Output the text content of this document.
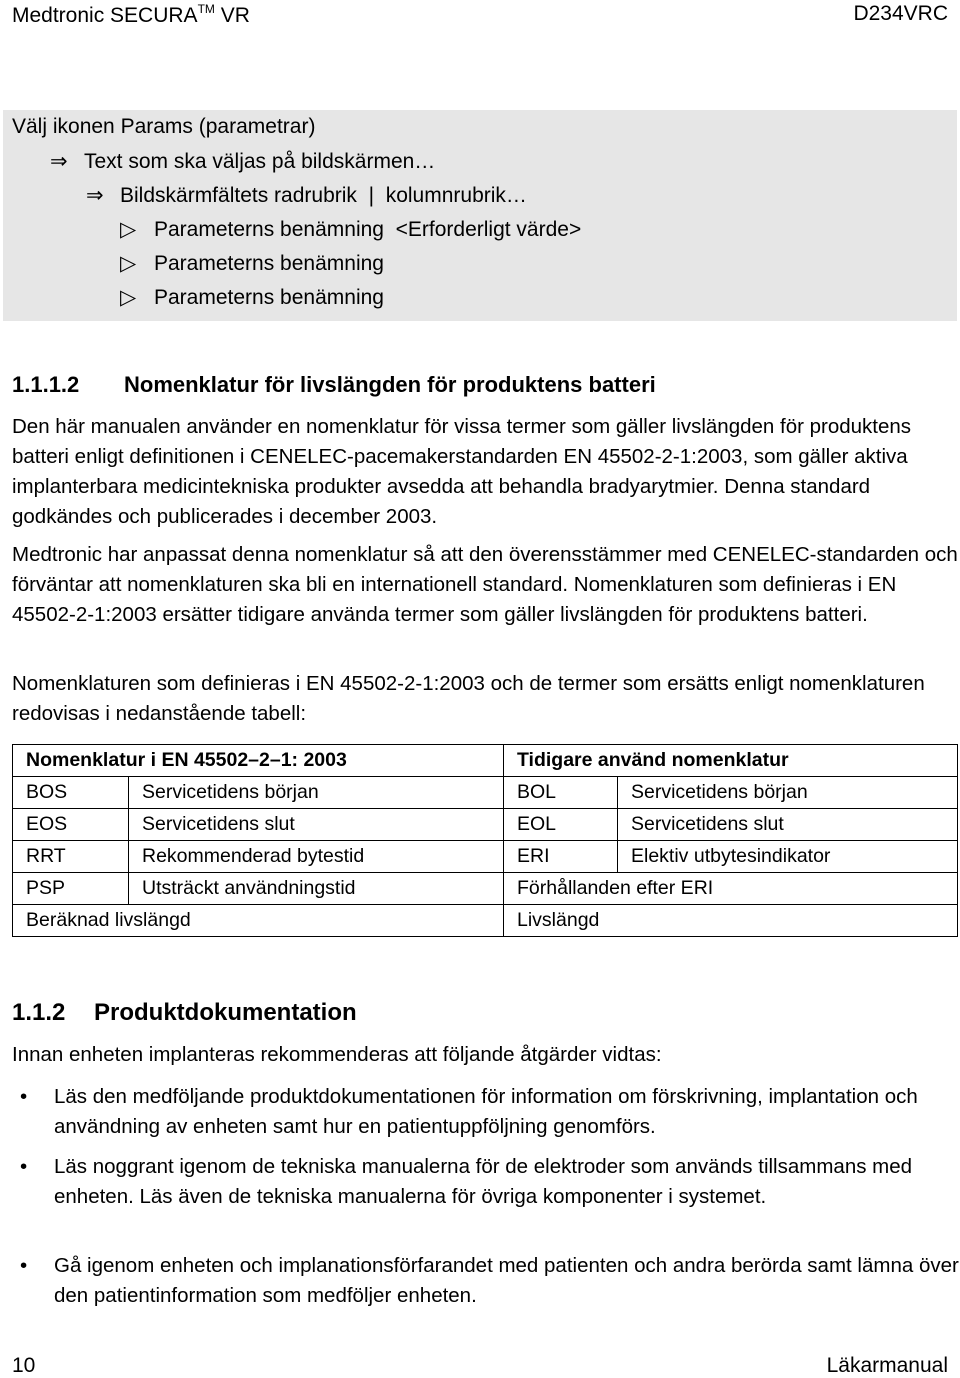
Medtronic SECURA™ VR	D234VRC
Välj ikonen Params (parametrar)
⇒ Text som ska väljas på bildskärmen…
⇒ Bildskärmfältets radrubrik  |  kolumnrubrik…
▷ Parameterns benämning  <Erforderligt värde>
▷ Parameterns benämning
▷ Parameterns benämning
1.1.1.2 Nomenklatur för livslängden för produktens batteri
Den här manualen använder en nomenklatur för vissa termer som gäller livslängden för produktens batteri enligt definitionen i CENELEC-pacemakerstandarden EN 45502-2-1:2003, som gäller aktiva implanterbara medicintekniska produkter avsedda att behandla bradyarytmier. Denna standard godkändes och publicerades i december 2003.
Medtronic har anpassat denna nomenklatur så att den överensstämmer med CENELEC-standarden och förväntar att nomenklaturen ska bli en internationell standard. Nomenklaturen som definieras i EN 45502-2-1:2003 ersätter tidigare använda termer som gäller livslängden för produktens batteri.
Nomenklaturen som definieras i EN 45502-2-1:2003 och de termer som ersätts enligt nomenklaturen redovisas i nedanstående tabell:
Nomenklatur i EN 45502–2–1: 2003		Tidigare använd nomenklatur	
BOS	Servicetidens början	BOL	Servicetidens början
EOS	Servicetidens slut	EOL	Servicetidens slut
RRT	Rekommenderad bytestid	ERI	Elektiv utbytesindikator
PSP	Utsträckt användningstid	Förhållanden efter ERI	
Beräknad livslängd		Livslängd	
1.1.2 Produktdokumentation
Innan enheten implanteras rekommenderas att följande åtgärder vidtas:
• Läs den medföljande produktdokumentationen för information om förskrivning, implantation och användning av enheten samt hur en patientuppföljning genomförs.
• Läs noggrant igenom de tekniska manualerna för de elektroder som används tillsammans med enheten. Läs även de tekniska manualerna för övriga komponenter i systemet.
• Gå igenom enheten och implanationsförfarandet med patienten och andra berörda samt lämna över den patientinformation som medföljer enheten.
10	Läkarmanual
